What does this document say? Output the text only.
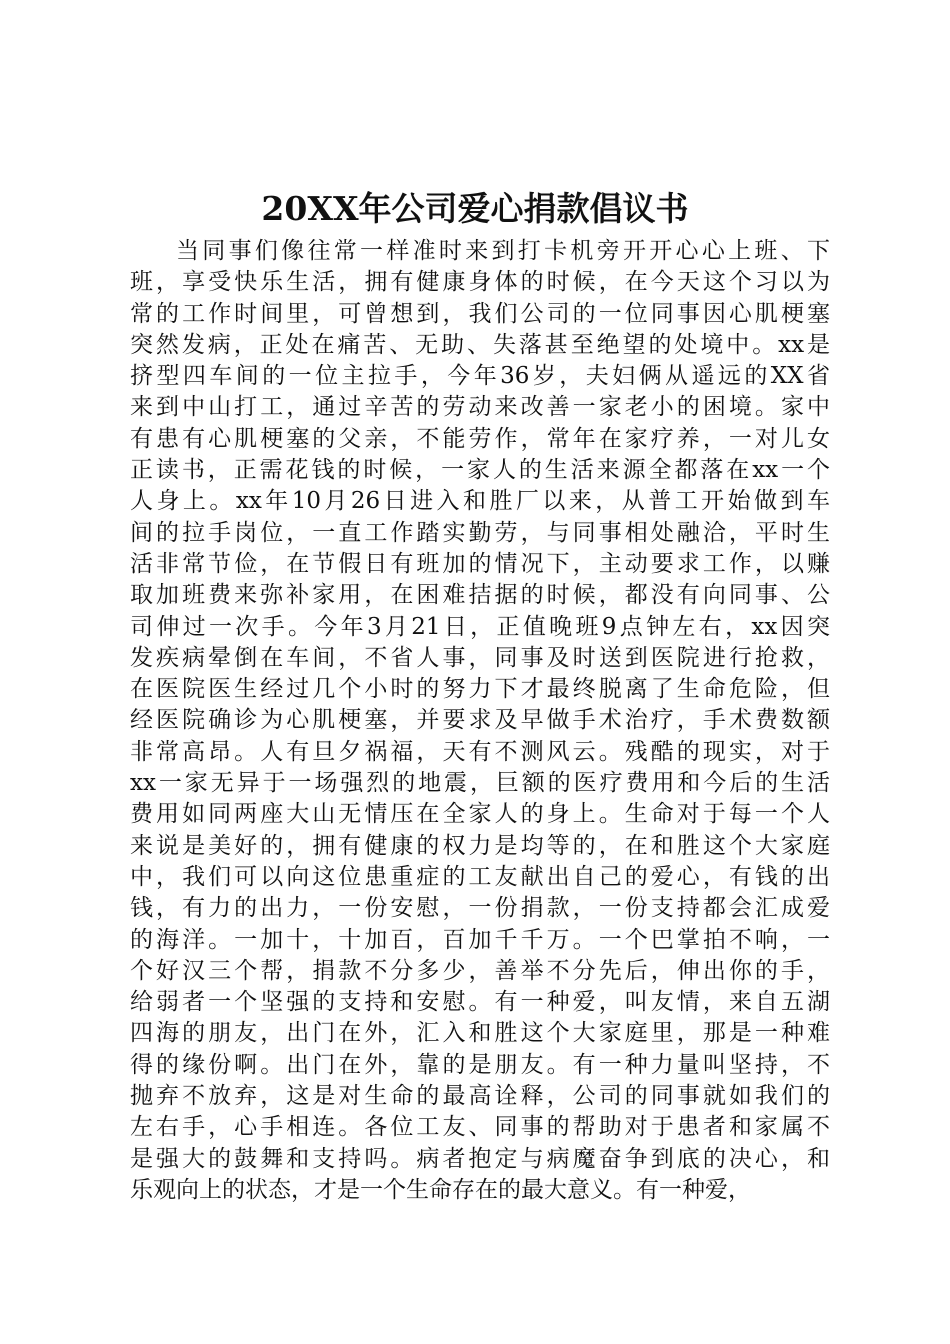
20XX年公司爱心捐款倡议书
当同事们像往常一样准时来到打卡机旁开开心心上班、下
班，享受快乐生活，拥有健康身体的时候，在今天这个习以为
常的工作时间里，可曾想到，我们公司的一位同事因心肌梗塞
突然发病，正处在痛苦、无助、失落甚至绝望的处境中。xx是
挤型四车间的一位主拉手，今年36岁，夫妇俩从遥远的XX省
来到中山打工，通过辛苦的劳动来改善一家老小的困境。家中
有患有心肌梗塞的父亲，不能劳作，常年在家疗养，一对儿女
正读书，正需花钱的时候，一家人的生活来源全都落在xx一个
人身上。xx年10月26日进入和胜厂以来，从普工开始做到车
间的拉手岗位，一直工作踏实勤劳，与同事相处融洽，平时生
活非常节俭，在节假日有班加的情况下，主动要求工作，以赚
取加班费来弥补家用，在困难拮据的时候，都没有向同事、公
司伸过一次手。今年3月21日，正值晚班9点钟左右，xx因突
发疾病晕倒在车间，不省人事，同事及时送到医院进行抢救，
在医院医生经过几个小时的努力下才最终脱离了生命危险，但
经医院确诊为心肌梗塞，并要求及早做手术治疗，手术费数额
非常高昂。人有旦夕祸福，天有不测风云。残酷的现实，对于
xx一家无异于一场强烈的地震，巨额的医疗费用和今后的生活
费用如同两座大山无情压在全家人的身上。生命对于每一个人
来说是美好的，拥有健康的权力是均等的，在和胜这个大家庭
中，我们可以向这位患重症的工友献出自己的爱心，有钱的出
钱，有力的出力，一份安慰，一份捐款，一份支持都会汇成爱
的海洋。一加十，十加百，百加千千万。一个巴掌拍不响，一
个好汉三个帮，捐款不分多少，善举不分先后，伸出你的手，
给弱者一个坚强的支持和安慰。有一种爱，叫友情，来自五湖
四海的朋友，出门在外，汇入和胜这个大家庭里，那是一种难
得的缘份啊。出门在外，靠的是朋友。有一种力量叫坚持，不
抛弃不放弃，这是对生命的最高诠释，公司的同事就如我们的
左右手，心手相连。各位工友、同事的帮助对于患者和家属不
是强大的鼓舞和支持吗。病者抱定与病魔奋争到底的决心，和
乐观向上的状态，才是一个生命存在的最大意义。有一种爱，
